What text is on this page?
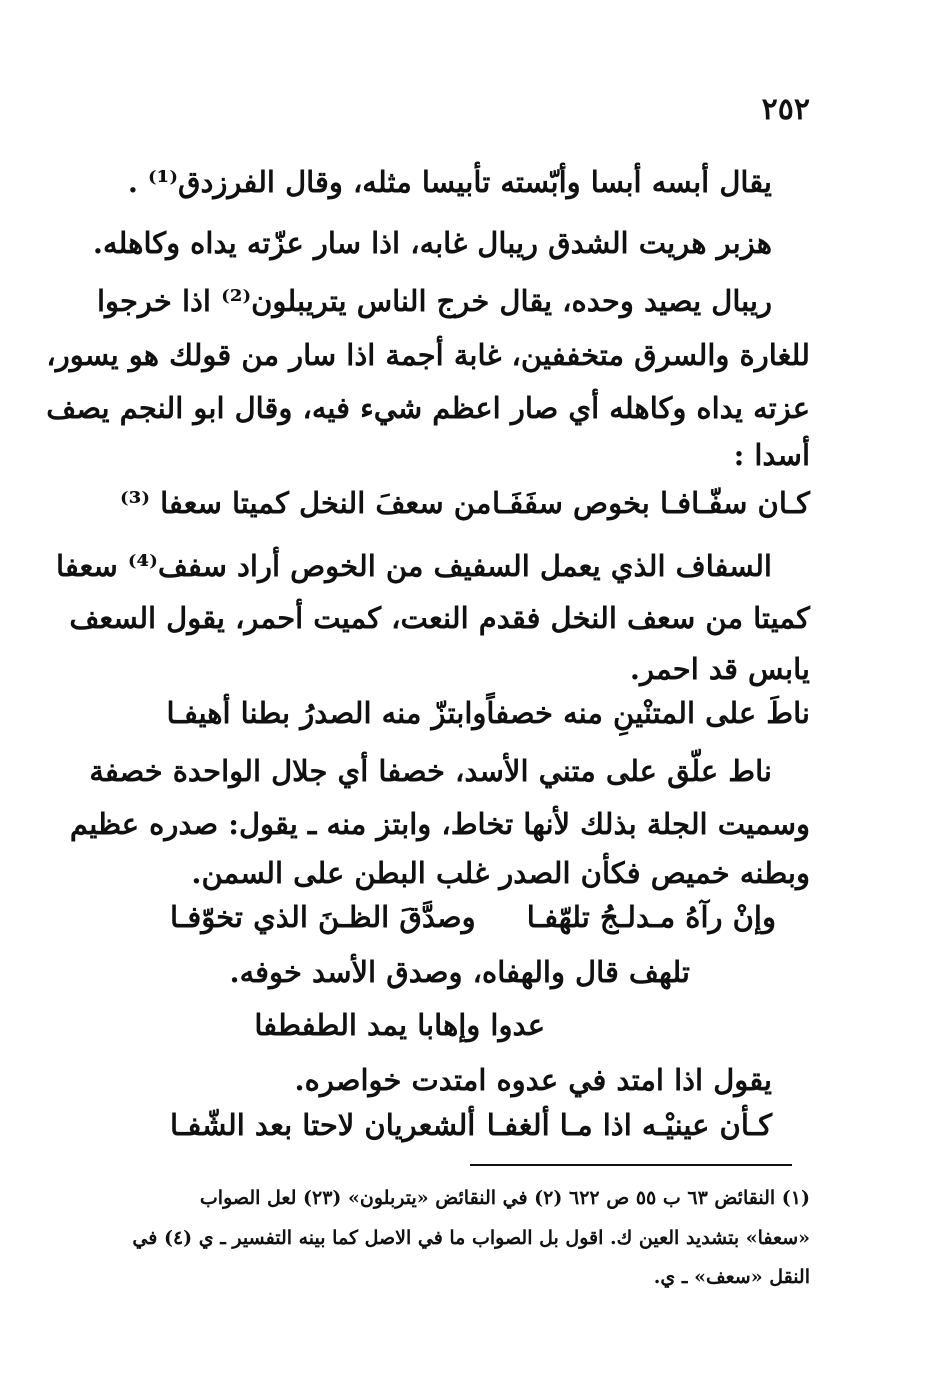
٢٥٢
يقال أبسه أبسا وأبّسته تأبيسا مثله، وقال الفرزدق⁽¹⁾ .
هزبر هريت الشدق ريبال غابه، اذا سار عزّته يداه وكاهله.
ريبال يصيد وحده، يقال خرج الناس يتريبلون⁽²⁾ اذا خرجوا
للغارة والسرق متخففين، غابة أجمة اذا سار من قولك هو يسور،
عزته يداه وكاهله أي صار اعظم شيء فيه، وقال ابو النجم يصف
أسدا :
كـان سفّـافـا بخوص سفَفَـا
من سعفَ النخل كميتا سعفا ⁽³⁾
السفاف الذي يعمل السفيف من الخوص أراد سفف⁽⁴⁾ سعفا
كميتا من سعف النخل فقدم النعت، كميت أحمر، يقول السعف
يابس قد احمر.
ناطَ على المتنْينِ منه خصفاً
وابتزّ منه الصدرُ بطنا أهيفـا
ناط علّق على متني الأسد، خصفا أي جلال الواحدة خصفة
وسميت الجلة بذلك لأنها تخاط، وابتز منه ـ يقول: صدره عظيم
وبطنه خميص فكأن الصدر غلب البطن على السمن.
وإنْ رآهُ مـدلـجُ تلهّفـا
وصدَّقَ الظـنَ الذي تخوّفـا
تلهف قال والهفاه، وصدق الأسد خوفه.
عدوا وإهابا يمد الطفطفا
يقول اذا امتد في عدوه امتدت خواصره.
كـأن عينيْـه اذا مـا ألغفـا
ألشعريان لاحتا بعد الشّفـا
(١) النقائض ٦٣ ب ٥٥ ص ٦٢٢ (٢) في النقائض «يتربلون» (٢٣) لعل الصواب
«سعفا» بتشديد العين ك. اقول بل الصواب ما في الاصل كما بينه التفسير ـ ي (٤) في
النقل «سعف» ـ ي.
